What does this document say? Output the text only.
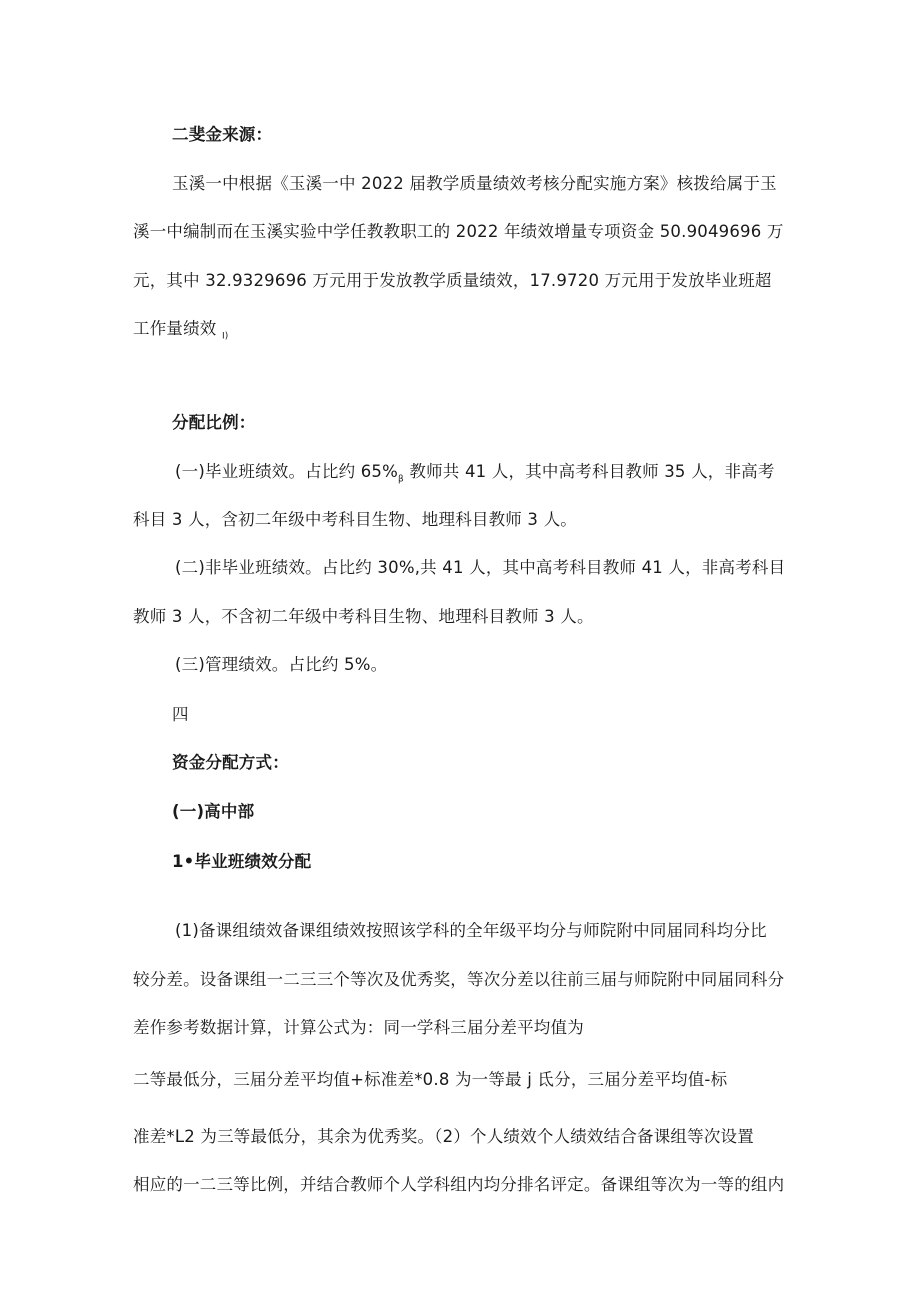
二斐金来源：
玉溪一中根据《玉溪一中 2022 届教学质量绩效考核分配实施方案》核拨给属于玉
溪一中编制而在玉溪实验中学任教教职工的 2022 年绩效增量专项资金 50.9049696 万
元，其中 32.9329696 万元用于发放教学质量绩效，17.9720 万元用于发放毕业班超
工作量绩效 $_{I)}$
分配比例：
(一)毕业班绩效。占比约 $65\%_\beta$ 教师共 41 人，其中高考科目教师 35 人，非高考
科目 3 人，含初二年级中考科目生物、地理科目教师 3 人。
(二)非毕业班绩效。占比约 30%,共 41 人，其中高考科目教师 41 人，非高考科目
教师 3 人，不含初二年级中考科目生物、地理科目教师 3 人。
(三)管理绩效。占比约 5%。
四
资金分配方式：
(一)高中部
1•毕业班绩效分配
(1)备课组绩效备课组绩效按照该学科的全年级平均分与师院附中同届同科均分比
较分差。设备课组一二三三个等次及优秀奖，等次分差以往前三届与师院附中同届同科分
差作参考数据计算，计算公式为：同一学科三届分差平均值为
二等最低分，三届分差平均值+标准差*0.8 为一等最 j 氐分，三届分差平均值-标
准差*L2 为三等最低分，其余为优秀奖。（2）个人绩效个人绩效结合备课组等次设置
相应的一二三等比例，并结合教师个人学科组内均分排名评定。备课组等次为一等的组内
